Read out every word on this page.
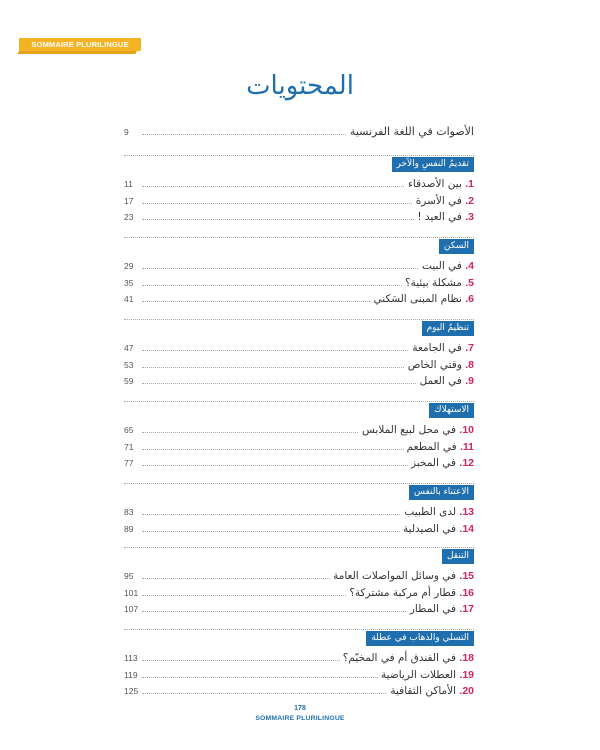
SOMMAIRE PLURILINGUE
المحتويات
9	الأصوات في اللغة الفرنسية
تقديمُ النفسِ والآخر
11	1. بين الأصدقاء
17	2. في الأسرة
23	3. في العيد !
السكن
29	4. في البيت
35	5. مشكلة بيئية؟
41	6. نظام المبنى السَكني
تنظيمُ اليوم
47	7. في الجامعة
53	8. وقتي الخاص
59	9. في العمل
الاستهلاك
65	10. في محل لبيع الملابس
71	11. في المطعم
77	12. في المخبز
الاعتناء بالنفس
83	13. لدى الطبيب
89	14. في الصيدلية
التنقل
95	15. في وسائل المواصلات العامة
101	16. قطار أم مركبة مشتركة؟
107	17. في المطار
التسلي والذهاب في عطلة
113	18. في الفندق أم في المخيّم؟
119	19. العطلات الرياضية
125	20. الأماكن الثقافية
178
SOMMAIRE PLURILINGUE
